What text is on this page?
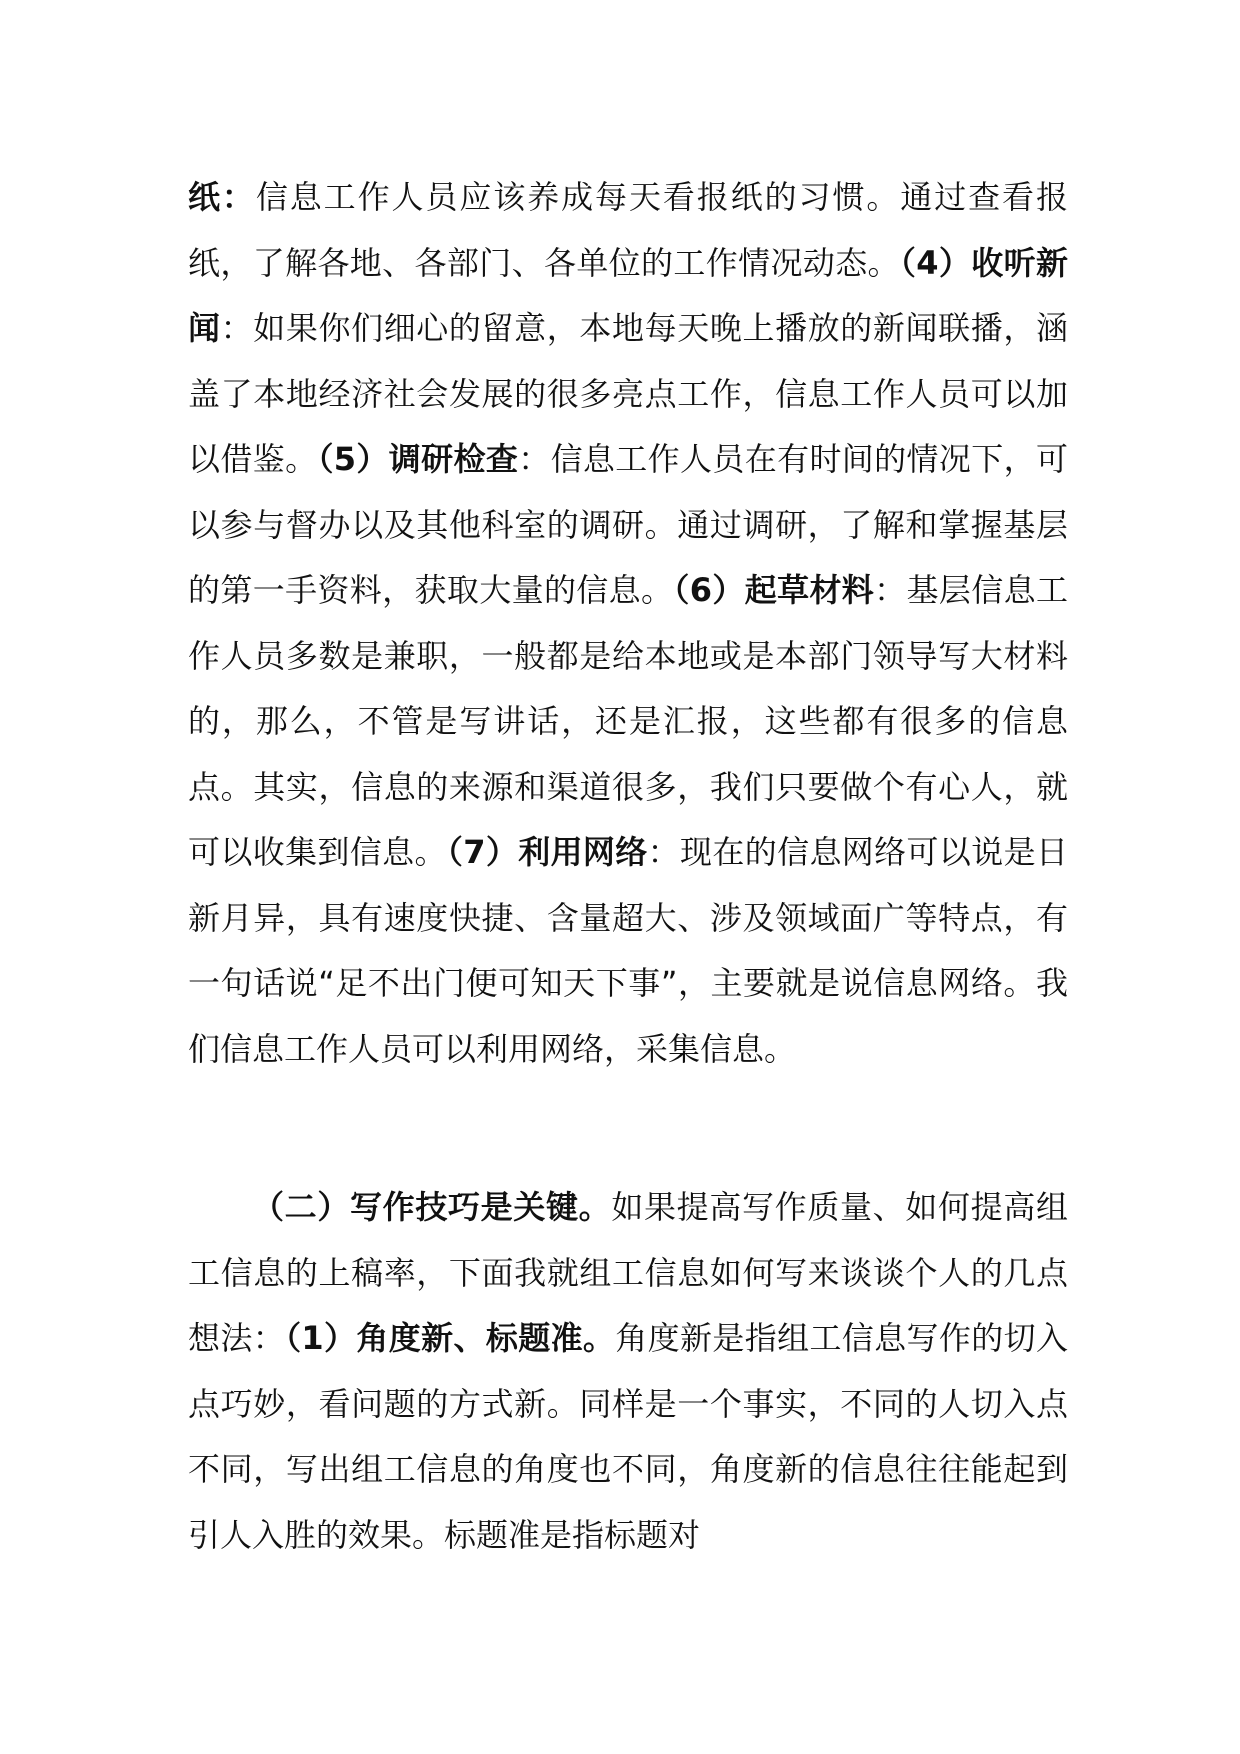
纸：信息工作人员应该养成每天看报纸的习惯。通过查看报纸，了解各地、各部门、各单位的工作情况动态。（4）收听新闻：如果你们细心的留意，本地每天晚上播放的新闻联播，涵盖了本地经济社会发展的很多亮点工作，信息工作人员可以加以借鉴。（5）调研检查：信息工作人员在有时间的情况下，可以参与督办以及其他科室的调研。通过调研，了解和掌握基层的第一手资料，获取大量的信息。（6）起草材料：基层信息工作人员多数是兼职，一般都是给本地或是本部门领导写大材料的，那么，不管是写讲话，还是汇报，这些都有很多的信息点。其实，信息的来源和渠道很多，我们只要做个有心人，就可以收集到信息。（7）利用网络：现在的信息网络可以说是日新月异，具有速度快捷、含量超大、涉及领域面广等特点，有一句话说“足不出门便可知天下事”，主要就是说信息网络。我们信息工作人员可以利用网络，采集信息。

（二）写作技巧是关键。如果提高写作质量、如何提高组工信息的上稿率，下面我就组工信息如何写来谈谈个人的几点想法：（1）角度新、标题准。角度新是指组工信息写作的切入点巧妙，看问题的方式新。同样是一个事实，不同的人切入点不同，写出组工信息的角度也不同，角度新的信息往往能起到引人入胜的效果。标题准是指标题对
